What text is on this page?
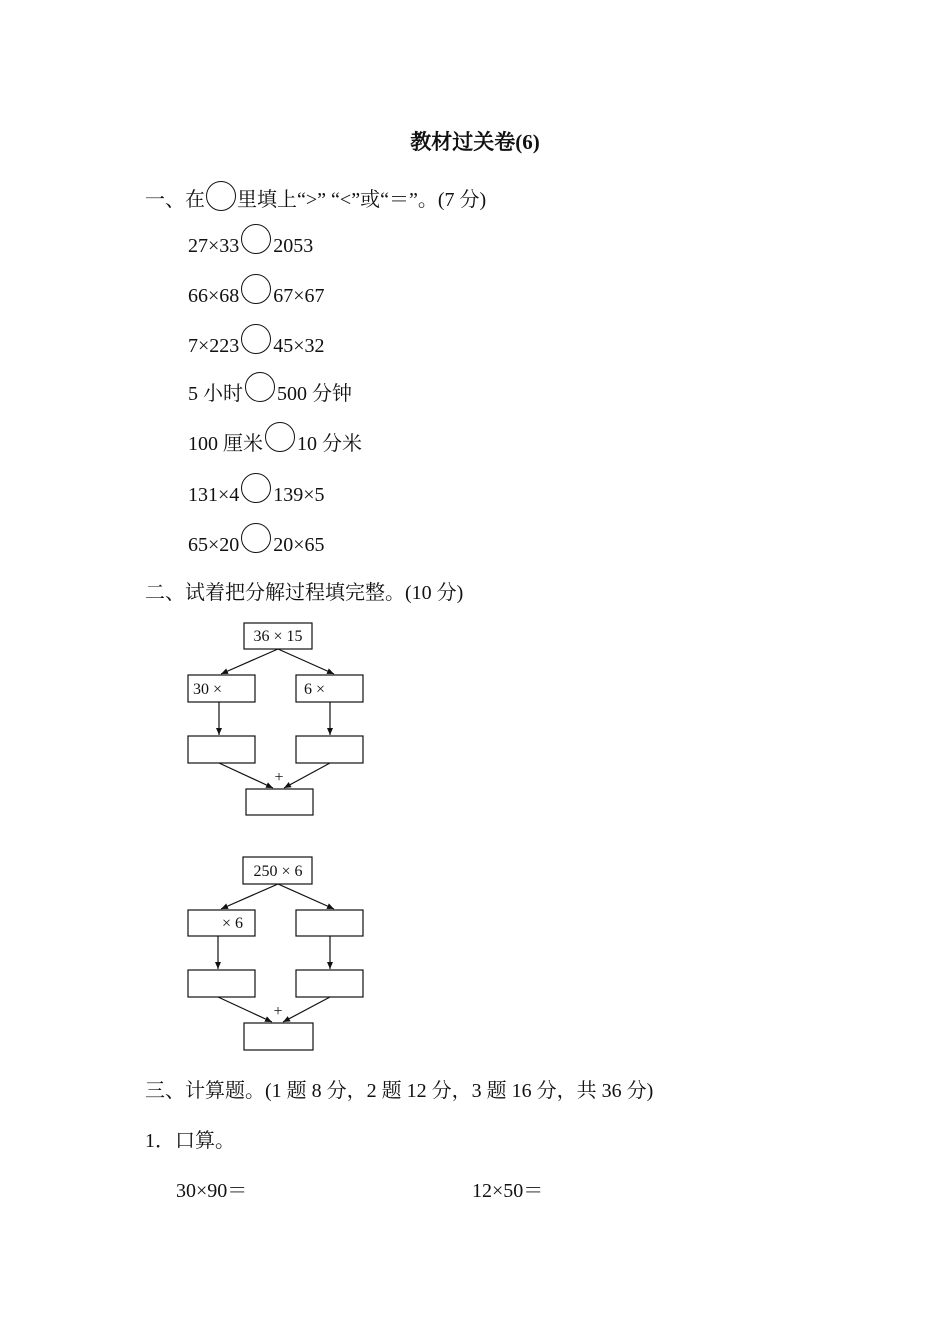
教材过关卷(6)
一、在 里填上“>” “<”或“＝”。(7 分)
27×33 2053
66×68 67×67
7×223 45×32
5 小时 500 分钟
100 厘米 10 分米
131×4 139×5
65×20 20×65
二、试着把分解过程填完整。(10 分)
36 × 15
30 ×	6 ×
+
250 × 6
× 6
+
三、计算题。(1 题 8 分，2 题 12 分，3 题 16 分，共 36 分)
1．口算。
30×90＝	12×50＝
